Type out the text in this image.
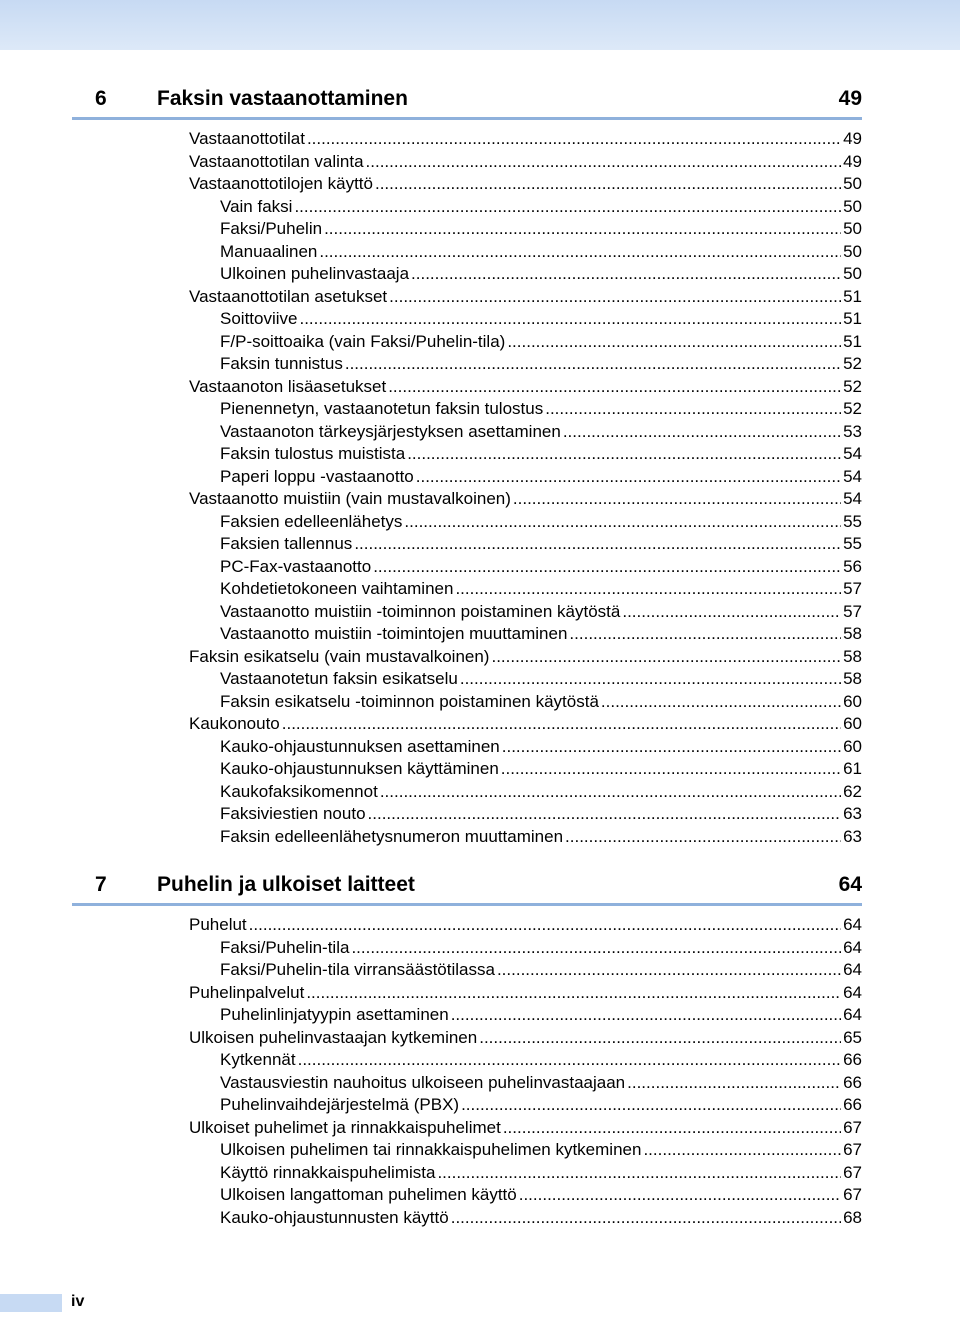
6 Faksin vastaanottaminen	49
Vastaanottotilat .....	49
Vastaanottotilan valinta .....	49
Vastaanottotilojen käyttö .....	50
Vain faksi .....	50
Faksi/Puhelin .....	50
Manuaalinen .....	50
Ulkoinen puhelinvastaaja .....	50
Vastaanottotilan asetukset .....	51
Soittoviive .....	51
F/P-soittoaika (vain Faksi/Puhelin-tila) .....	51
Faksin tunnistus .....	52
Vastaanoton lisäasetukset .....	52
Pienennetyn, vastaanotetun faksin tulostus .....	52
Vastaanoton tärkeysjärjestyksen asettaminen .....	53
Faksin tulostus muistista .....	54
Paperi loppu -vastaanotto .....	54
Vastaanotto muistiin (vain mustavalkoinen) .....	54
Faksien edelleenlähetys .....	55
Faksien tallennus .....	55
PC-Fax-vastaanotto .....	56
Kohdetietokoneen vaihtaminen .....	57
Vastaanotto muistiin -toiminnon poistaminen käytöstä .....	57
Vastaanotto muistiin -toimintojen muuttaminen .....	58
Faksin esikatselu (vain mustavalkoinen) .....	58
Vastaanotetun faksin esikatselu .....	58
Faksin esikatselu -toiminnon poistaminen käytöstä .....	60
Kaukonouto .....	60
Kauko-ohjaustunnuksen asettaminen .....	60
Kauko-ohjaustunnuksen käyttäminen .....	61
Kaukofaksikomennot .....	62
Faksiviestien nouto .....	63
Faksin edelleenlähetysnumeron muuttaminen .....	63
7 Puhelin ja ulkoiset laitteet	64
Puhelut .....	64
Faksi/Puhelin-tila .....	64
Faksi/Puhelin-tila virransäästötilassa .....	64
Puhelinpalvelut .....	64
Puhelinlinjatyypin asettaminen .....	64
Ulkoisen puhelinvastaajan kytkeminen .....	65
Kytkennät .....	66
Vastausviestin nauhoitus ulkoiseen puhelinvastaajaan .....	66
Puhelinvaihdejärjestelmä (PBX) .....	66
Ulkoiset puhelimet ja rinnakkaispuhelimet .....	67
Ulkoisen puhelimen tai rinnakkaispuhelimen kytkeminen .....	67
Käyttö rinnakkaispuhelimista .....	67
Ulkoisen langattoman puhelimen käyttö .....	67
Kauko-ohjaustunnusten käyttö .....	68
iv
